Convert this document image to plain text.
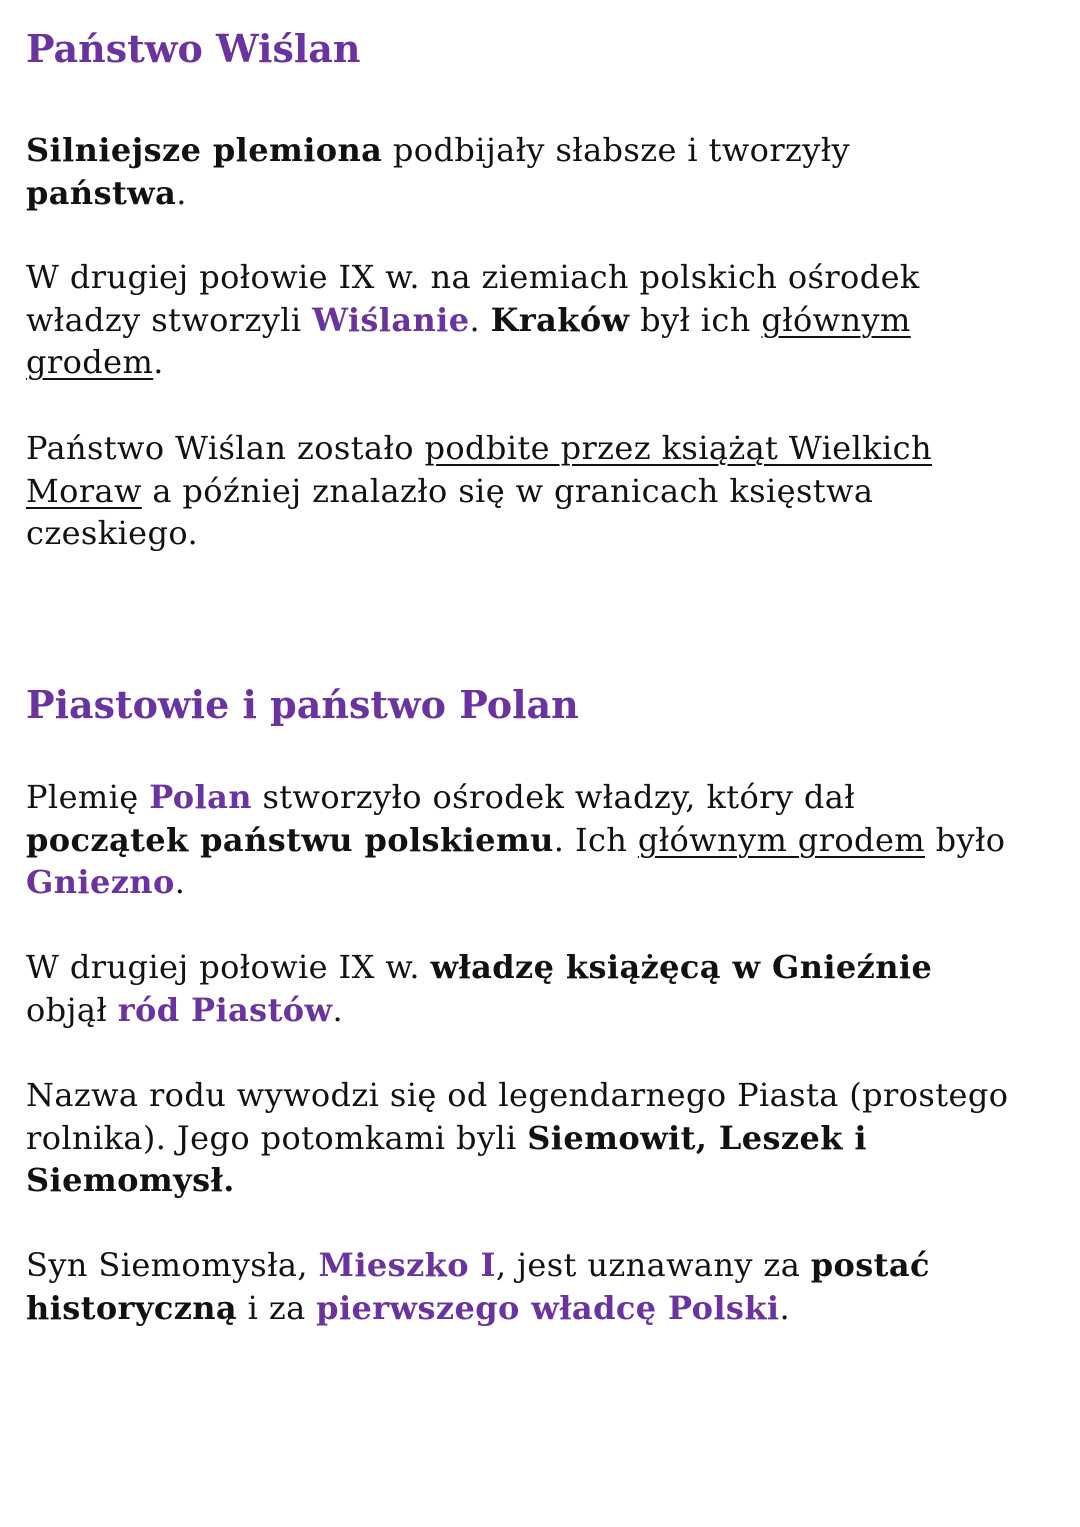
Państwo Wiślan

Silniejsze plemiona podbijały słabsze i tworzyły
państwa.

W drugiej połowie IX w. na ziemiach polskich ośrodek
władzy stworzyli Wiślanie. Kraków był ich głównym
grodem.

Państwo Wiślan zostało podbite przez książąt Wielkich
Moraw a później znalazło się w granicach księstwa
czeskiego.

Piastowie i państwo Polan

Plemię Polan stworzyło ośrodek władzy, który dał
początek państwu polskiemu. Ich głównym grodem było
Gniezno.

W drugiej połowie IX w. władzę książęcą w Gnieźnie
objął ród Piastów.

Nazwa rodu wywodzi się od legendarnego Piasta (prostego
rolnika). Jego potomkami byli Siemowit, Leszek i
Siemomysł.

Syn Siemomysła, Mieszko I, jest uznawany za postać
historyczną i za pierwszego władcę Polski.
